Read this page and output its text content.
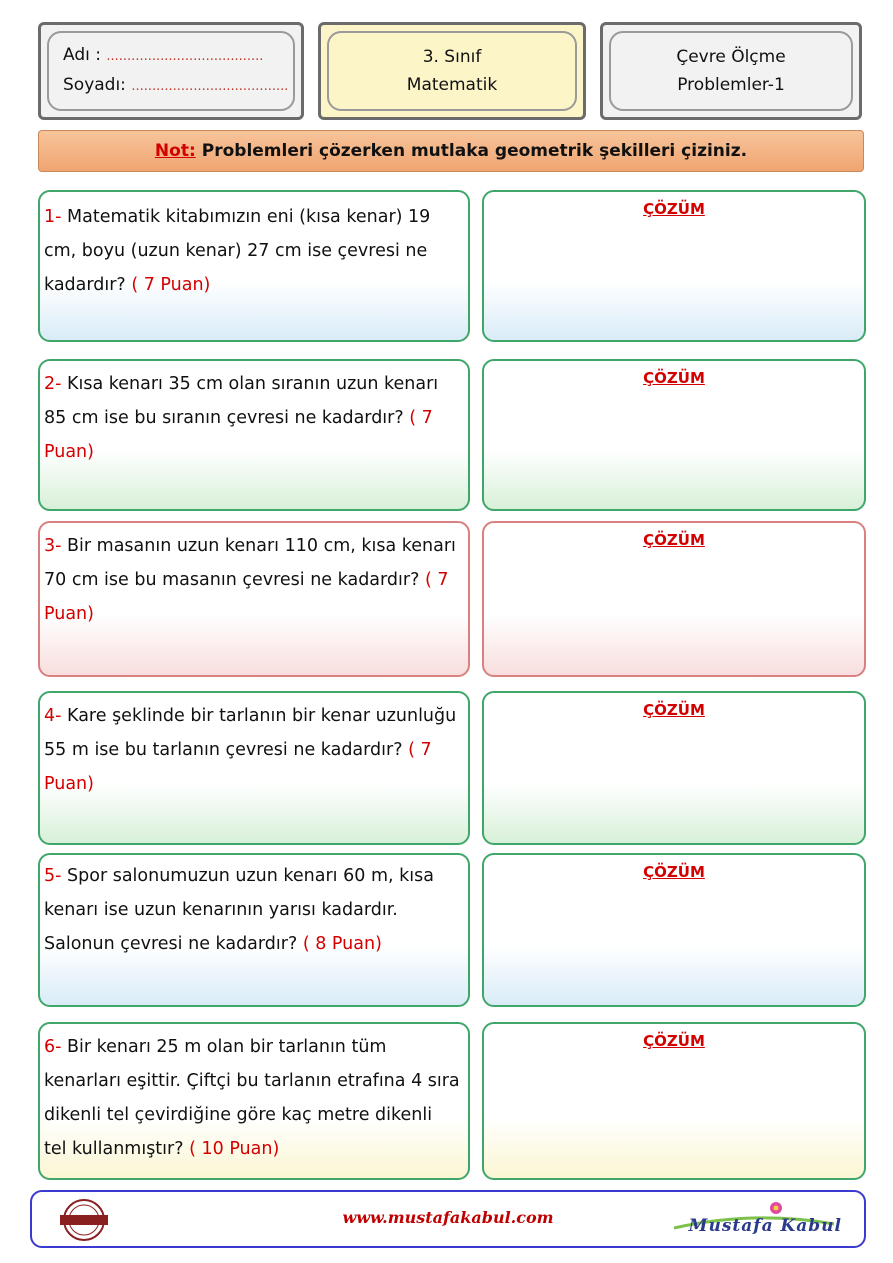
Adı : ......................................
Soyadı: ......................................
3. Sınıf
Matematik
Çevre Ölçme
Problemler-1
Not: Problemleri çözerken mutlaka geometrik şekilleri çiziniz.
1- Matematik kitabımızın eni (kısa kenar) 19 cm, boyu (uzun kenar) 27 cm ise çevresi ne kadardır? ( 7 Puan)
ÇÖZÜM
2- Kısa kenarı 35 cm olan sıranın uzun kenarı 85 cm ise bu sıranın çevresi ne kadardır? ( 7 Puan)
ÇÖZÜM
3- Bir masanın uzun kenarı 110 cm, kısa kenarı 70 cm ise bu masanın çevresi ne kadardır? ( 7 Puan)
ÇÖZÜM
4- Kare şeklinde bir tarlanın bir kenar uzunluğu 55 m ise bu tarlanın çevresi ne kadardır? ( 7 Puan)
ÇÖZÜM
5- Spor salonumuzun uzun kenarı 60 m, kısa kenarı ise uzun kenarının yarısı kadardır. Salonun çevresi ne kadardır? ( 8 Puan)
ÇÖZÜM
6- Bir kenarı 25 m olan bir tarlanın tüm kenarları eşittir. Çiftçi bu tarlanın etrafına 4 sıra dikenli tel çevirdiğine göre kaç metre dikenli tel kullanmıştır? ( 10 Puan)
ÇÖZÜM
www.mustafakabul.com	Mustafa Kabul
